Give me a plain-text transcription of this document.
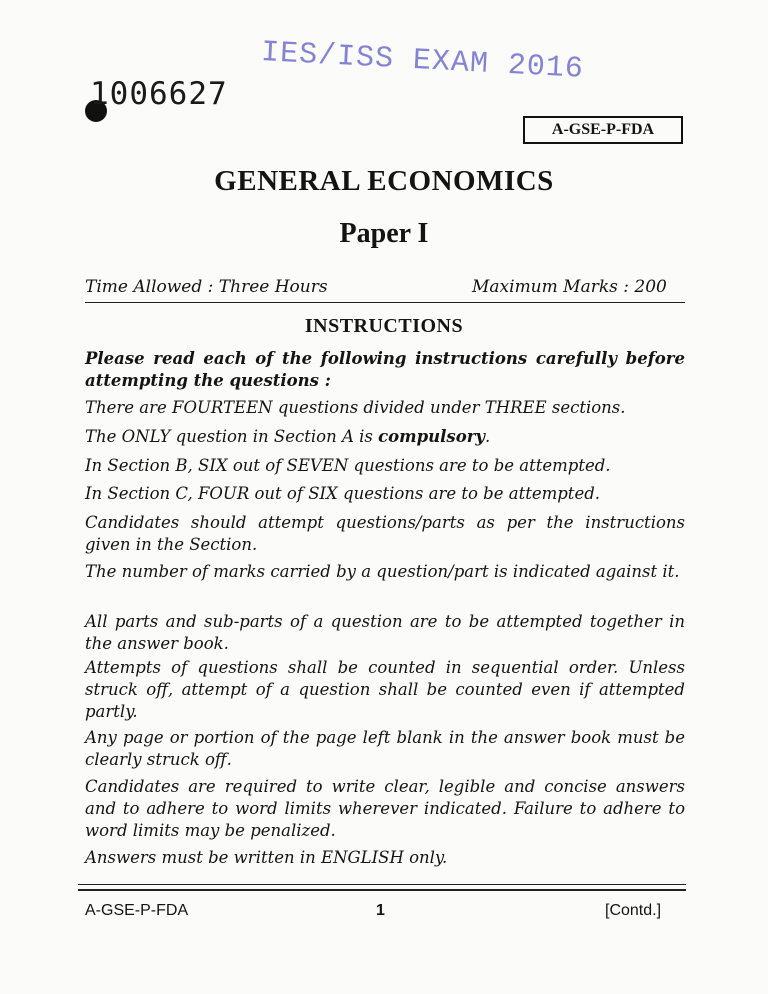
IES/ISS EXAM 2016
1006627
A-GSE-P-FDA
GENERAL ECONOMICS
Paper I
Time Allowed : Three Hours	Maximum Marks : 200
INSTRUCTIONS
Please read each of the following instructions carefully before attempting the questions :
There are FOURTEEN questions divided under THREE sections.
The ONLY question in Section A is compulsory.
In Section B, SIX out of SEVEN questions are to be attempted.
In Section C, FOUR out of SIX questions are to be attempted.
Candidates should attempt questions/parts as per the instructions given in the Section.
The number of marks carried by a question/part is indicated against it.
All parts and sub-parts of a question are to be attempted together in the answer book.
Attempts of questions shall be counted in sequential order. Unless struck off, attempt of a question shall be counted even if attempted partly.
Any page or portion of the page left blank in the answer book must be clearly struck off.
Candidates are required to write clear, legible and concise answers and to adhere to word limits wherever indicated. Failure to adhere to word limits may be penalized.
Answers must be written in ENGLISH only.
A-GSE-P-FDA	1	[Contd.]
